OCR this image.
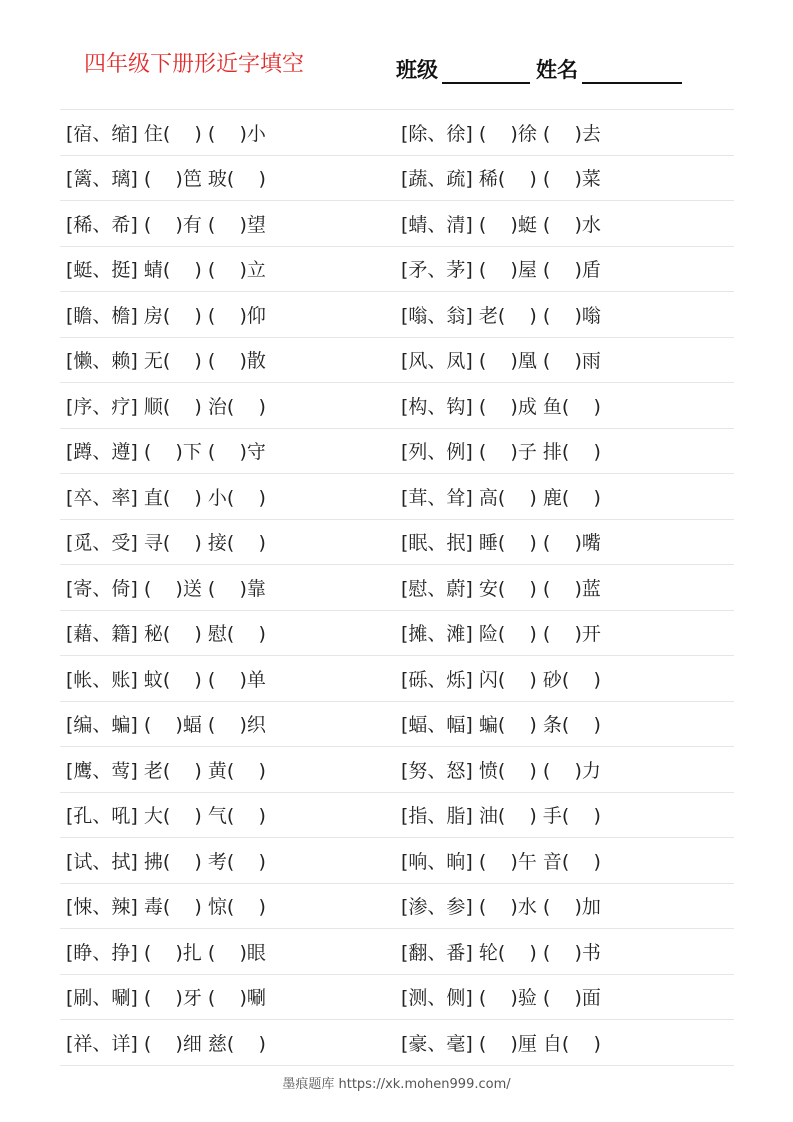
四年级下册形近字填空	班级	姓名
[宿、缩] 住(    ) (    )小	[除、徐] (    )徐 (    )去
[篱、璃] (    )笆 玻(    )	[蔬、疏] 稀(    ) (    )菜
[稀、希] (    )有 (    )望	[蜻、清] (    )蜓 (    )水
[蜓、挺] 蜻(    ) (    )立	[矛、茅] (    )屋 (    )盾
[瞻、檐] 房(    ) (    )仰	[嗡、翁] 老(    ) (    )嗡
[懒、赖] 无(    ) (    )散	[风、凤] (    )凰 (    )雨
[序、疗] 顺(    ) 治(    )	[构、钩] (    )成 鱼(    )
[蹲、遵] (    )下 (    )守	[列、例] (    )子 排(    )
[卒、率] 直(    ) 小(    )	[茸、耸] 高(    ) 鹿(    )
[觅、受] 寻(    ) 接(    )	[眠、抿] 睡(    ) (    )嘴
[寄、倚] (    )送 (    )靠	[慰、蔚] 安(    ) (    )蓝
[藉、籍] 秘(    ) 慰(    )	[摊、滩] 险(    ) (    )开
[帐、账] 蚊(    ) (    )单	[砾、烁] 闪(    ) 砂(    )
[编、蝙] (    )蝠 (    )织	[蝠、幅] 蝙(    ) 条(    )
[鹰、莺] 老(    ) 黄(    )	[努、怒] 愤(    ) (    )力
[孔、吼] 大(    ) 气(    )	[指、脂] 油(    ) 手(    )
[试、拭] 拂(    ) 考(    )	[响、晌] (    )午 音(    )
[悚、辣] 毒(    ) 惊(    )	[渗、参] (    )水 (    )加
[睁、挣] (    )扎 (    )眼	[翻、番] 轮(    ) (    )书
[刷、唰] (    )牙 (    )唰	[测、侧] (    )验 (    )面
[祥、详] (    )细 慈(    )	[豪、毫] (    )厘 自(    )
墨痕题库 https://xk.mohen999.com/
